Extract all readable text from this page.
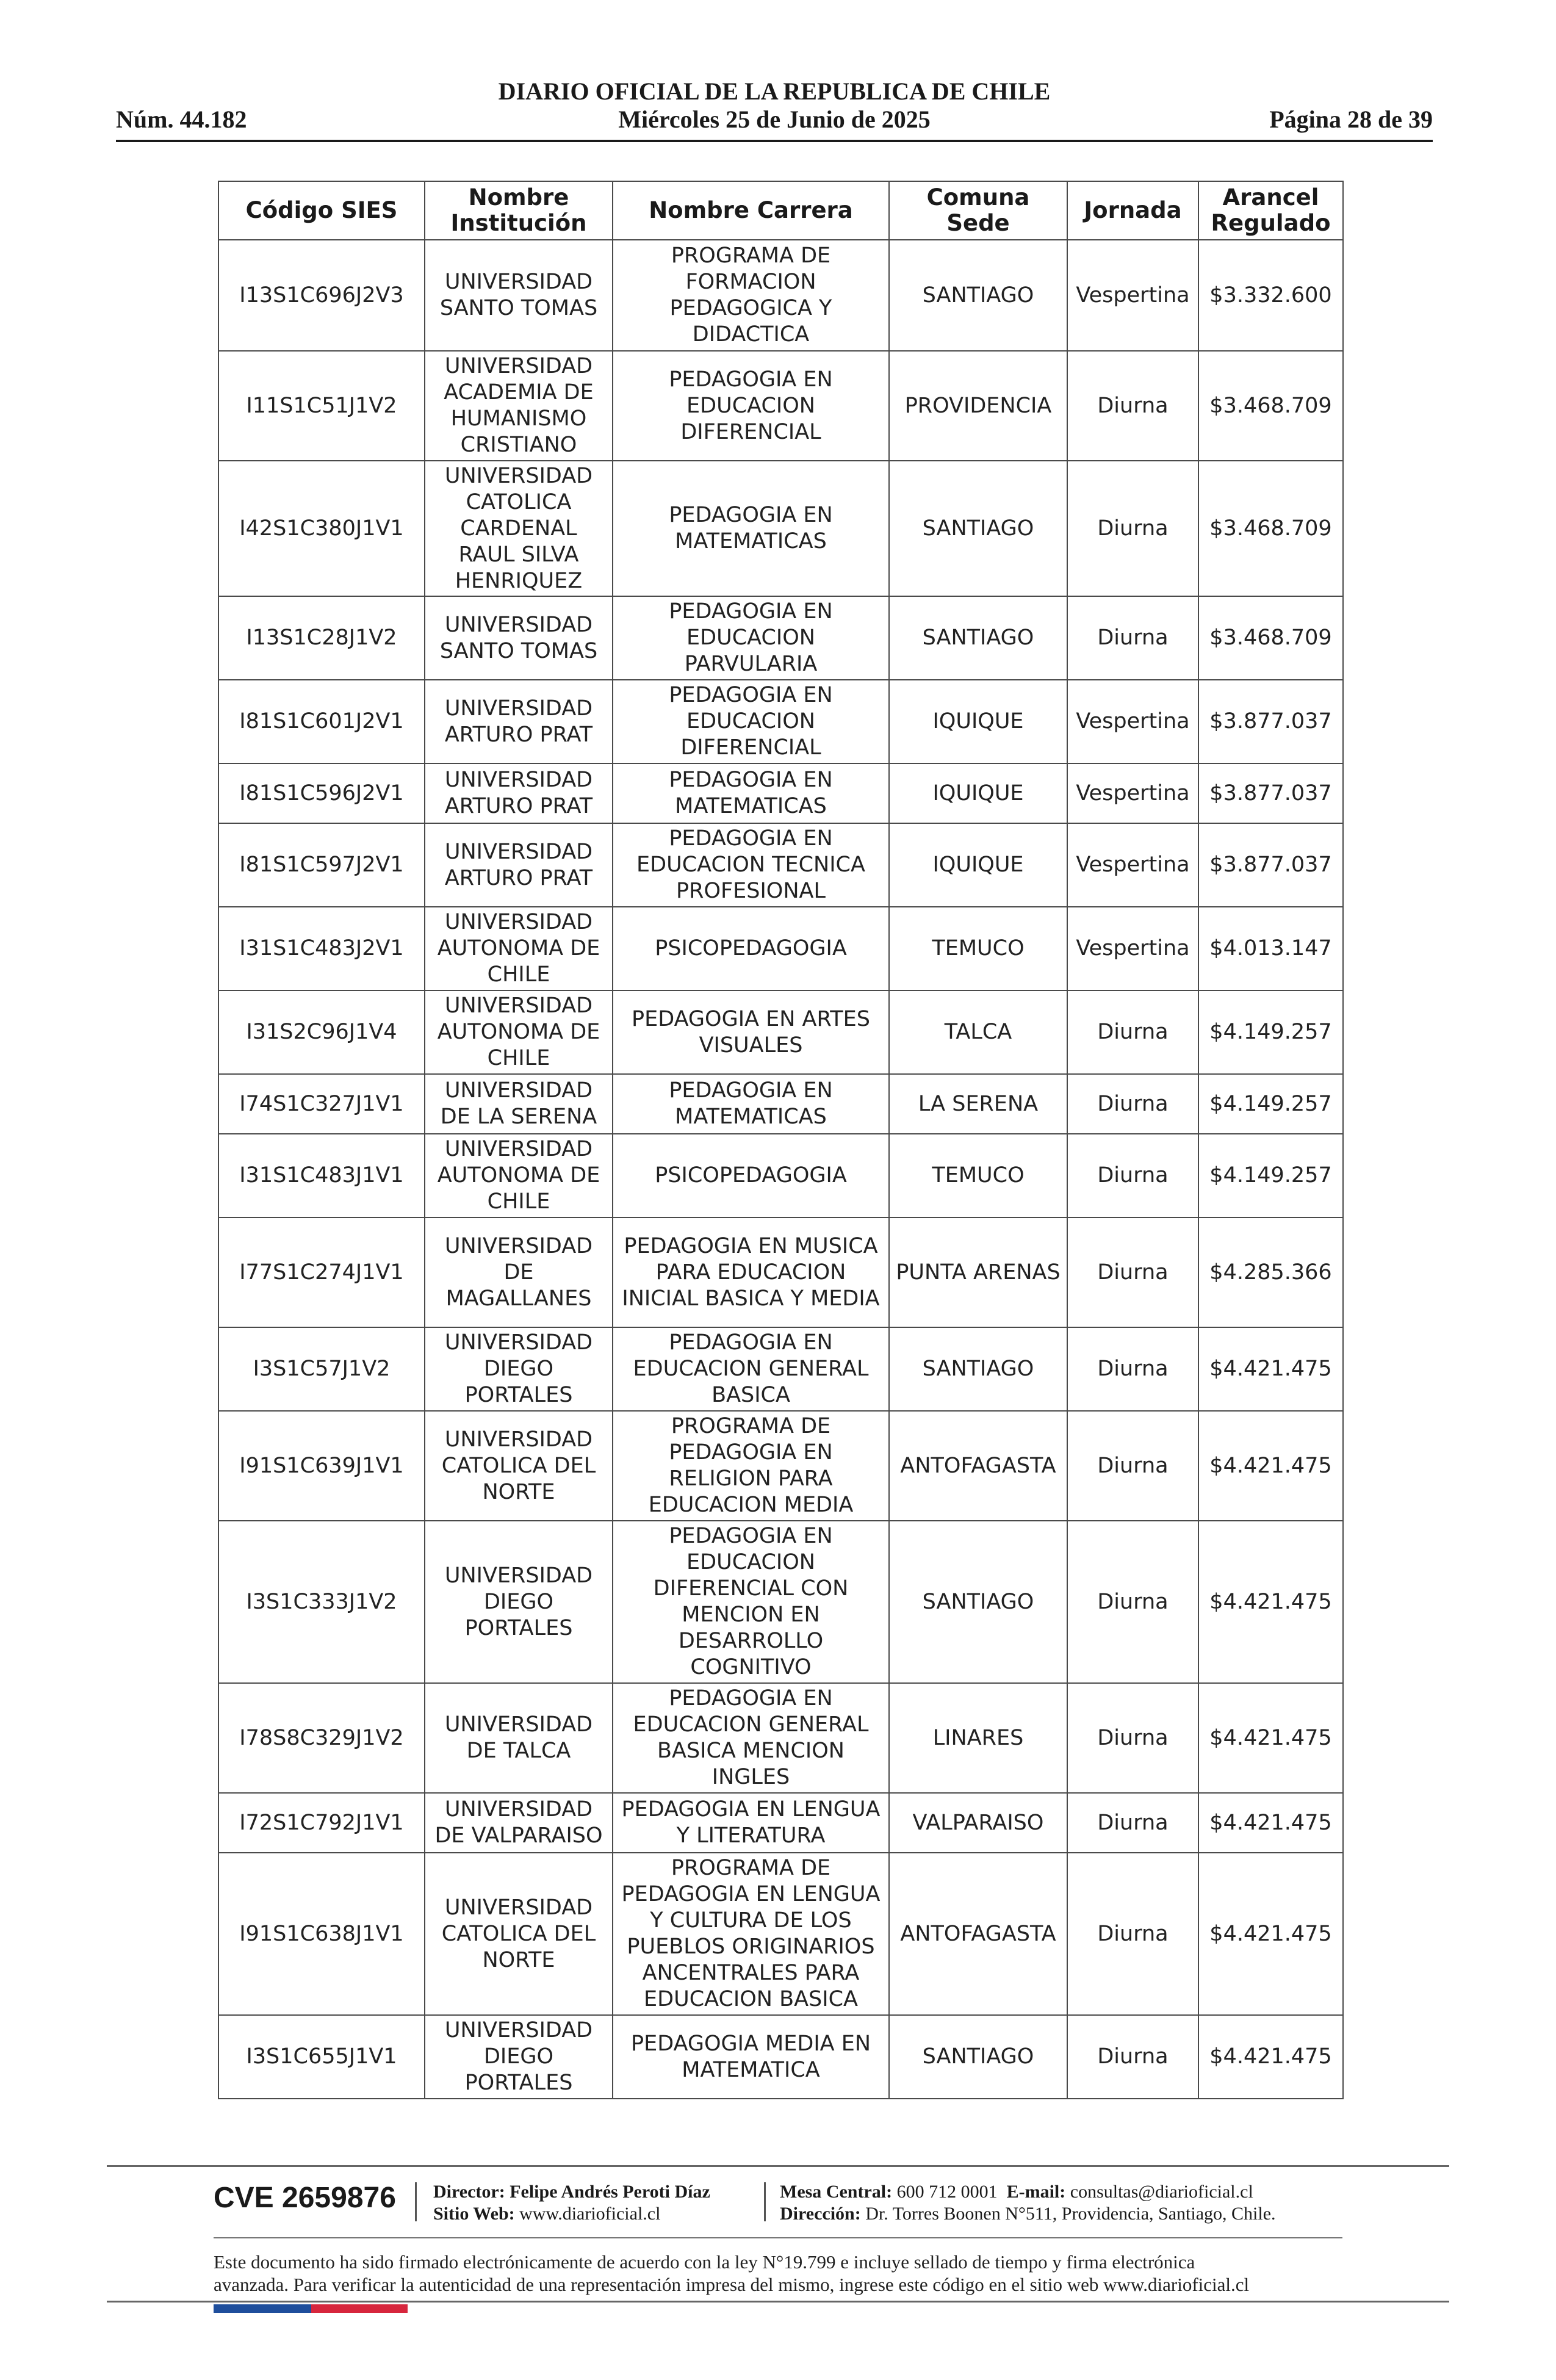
DIARIO OFICIAL DE LA REPUBLICA DE CHILE
Núm. 44.182	Miércoles 25 de Junio de 2025	Página 28 de 39
Código SIES	Nombre Institución	Nombre Carrera	Comuna Sede	Jornada	Arancel Regulado
I13S1C696J2V3	UNIVERSIDAD SANTO TOMAS	PROGRAMA DE FORMACION PEDAGOGICA Y DIDACTICA	SANTIAGO	Vespertina	$3.332.600
I11S1C51J1V2	UNIVERSIDAD ACADEMIA DE HUMANISMO CRISTIANO	PEDAGOGIA EN EDUCACION DIFERENCIAL	PROVIDENCIA	Diurna	$3.468.709
I42S1C380J1V1	UNIVERSIDAD CATOLICA CARDENAL RAUL SILVA HENRIQUEZ	PEDAGOGIA EN MATEMATICAS	SANTIAGO	Diurna	$3.468.709
I13S1C28J1V2	UNIVERSIDAD SANTO TOMAS	PEDAGOGIA EN EDUCACION PARVULARIA	SANTIAGO	Diurna	$3.468.709
I81S1C601J2V1	UNIVERSIDAD ARTURO PRAT	PEDAGOGIA EN EDUCACION DIFERENCIAL	IQUIQUE	Vespertina	$3.877.037
I81S1C596J2V1	UNIVERSIDAD ARTURO PRAT	PEDAGOGIA EN MATEMATICAS	IQUIQUE	Vespertina	$3.877.037
I81S1C597J2V1	UNIVERSIDAD ARTURO PRAT	PEDAGOGIA EN EDUCACION TECNICA PROFESIONAL	IQUIQUE	Vespertina	$3.877.037
I31S1C483J2V1	UNIVERSIDAD AUTONOMA DE CHILE	PSICOPEDAGOGIA	TEMUCO	Vespertina	$4.013.147
I31S2C96J1V4	UNIVERSIDAD AUTONOMA DE CHILE	PEDAGOGIA EN ARTES VISUALES	TALCA	Diurna	$4.149.257
I74S1C327J1V1	UNIVERSIDAD DE LA SERENA	PEDAGOGIA EN MATEMATICAS	LA SERENA	Diurna	$4.149.257
I31S1C483J1V1	UNIVERSIDAD AUTONOMA DE CHILE	PSICOPEDAGOGIA	TEMUCO	Diurna	$4.149.257
I77S1C274J1V1	UNIVERSIDAD DE MAGALLANES	PEDAGOGIA EN MUSICA PARA EDUCACION INICIAL BASICA Y MEDIA	PUNTA ARENAS	Diurna	$4.285.366
I3S1C57J1V2	UNIVERSIDAD DIEGO PORTALES	PEDAGOGIA EN EDUCACION GENERAL BASICA	SANTIAGO	Diurna	$4.421.475
I91S1C639J1V1	UNIVERSIDAD CATOLICA DEL NORTE	PROGRAMA DE PEDAGOGIA EN RELIGION PARA EDUCACION MEDIA	ANTOFAGASTA	Diurna	$4.421.475
I3S1C333J1V2	UNIVERSIDAD DIEGO PORTALES	PEDAGOGIA EN EDUCACION DIFERENCIAL CON MENCION EN DESARROLLO COGNITIVO	SANTIAGO	Diurna	$4.421.475
I78S8C329J1V2	UNIVERSIDAD DE TALCA	PEDAGOGIA EN EDUCACION GENERAL BASICA MENCION INGLES	LINARES	Diurna	$4.421.475
I72S1C792J1V1	UNIVERSIDAD DE VALPARAISO	PEDAGOGIA EN LENGUA Y LITERATURA	VALPARAISO	Diurna	$4.421.475
I91S1C638J1V1	UNIVERSIDAD CATOLICA DEL NORTE	PROGRAMA DE PEDAGOGIA EN LENGUA Y CULTURA DE LOS PUEBLOS ORIGINARIOS ANCENTRALES PARA EDUCACION BASICA	ANTOFAGASTA	Diurna	$4.421.475
I3S1C655J1V1	UNIVERSIDAD DIEGO PORTALES	PEDAGOGIA MEDIA EN MATEMATICA	SANTIAGO	Diurna	$4.421.475
CVE 2659876 Director: Felipe Andrés Peroti Díaz
Sitio Web: www.diarioficial.cl
Mesa Central: 600 712 0001 E-mail: consultas@diarioficial.cl
Dirección: Dr. Torres Boonen N°511, Providencia, Santiago, Chile.
Este documento ha sido firmado electrónicamente de acuerdo con la ley N°19.799 e incluye sellado de tiempo y firma electrónica
avanzada. Para verificar la autenticidad de una representación impresa del mismo, ingrese este código en el sitio web www.diarioficial.cl
